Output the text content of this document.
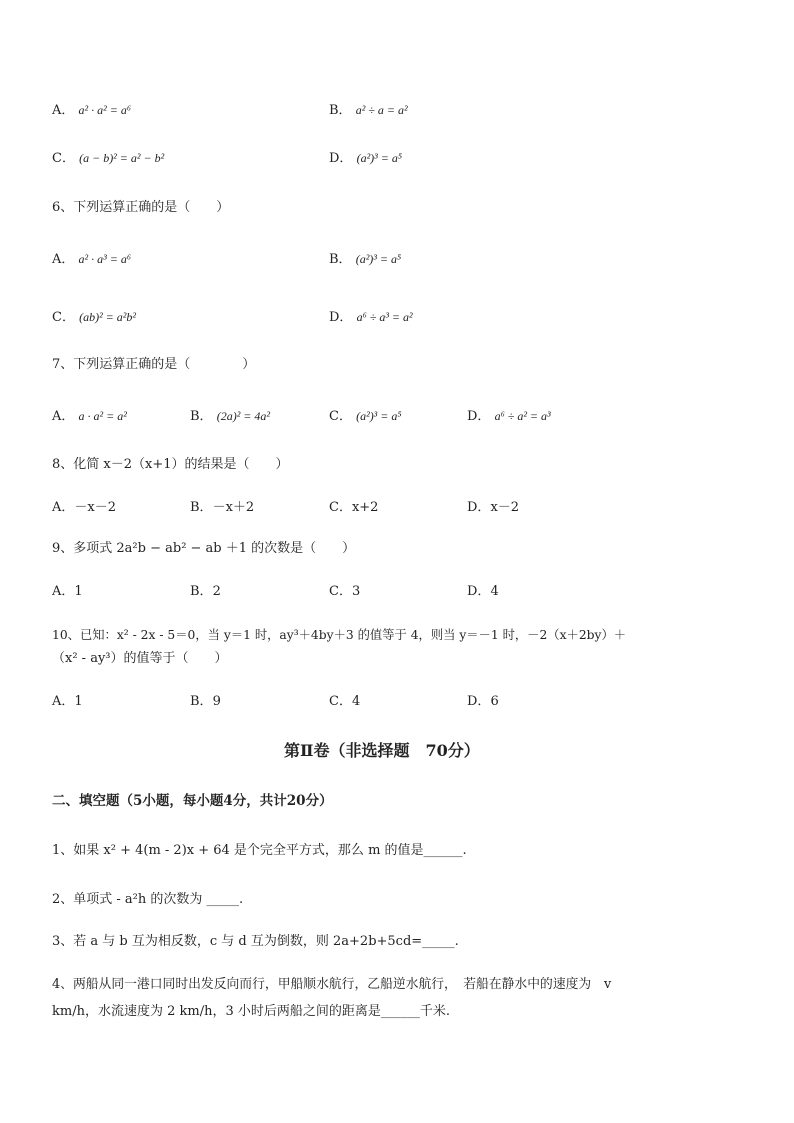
A． a² · a² = a⁶	B． a² ÷ a = a²
C． (a − b)² = a² − b²	D． (a²)³ = a⁵
6、下列运算正确的是（　　）
A． a² · a³ = a⁶	B． (a²)³ = a⁵
C． (ab)² = a²b²	D． a⁶ ÷ a³ = a²
7、下列运算正确的是（　　　　）
A． a · a² = a²	B． (2a)² = 4a²	C． (a²)³ = a⁵	D． a⁶ ÷ a² = a³
8、化简 x－2（x+1）的结果是（　　）
A．－x－2	B．－x＋2	C．x+2	D．x－2
9、多项式 2a²b − ab² − ab ＋1 的次数是（　　）
A．1	B．2	C．3	D．4
10、已知：x² - 2x - 5＝0，当 y＝1 时，ay³＋4by＋3 的值等于 4，则当 y＝－1 时，－2（x＋2by）＋
（x² - ay³）的值等于（　　）
A．1	B．9	C．4	D．6
第Ⅱ卷（非选择题　70分）
二、填空题（5小题，每小题4分，共计20分）
1、如果 x² + 4(m - 2)x + 64 是个完全平方式，那么 m 的值是______.
2、单项式 - a²h 的次数为 _____.
3、若 a 与 b 互为相反数，c 与 d 互为倒数，则 2a+2b+5cd=_____.
4、两船从同一港口同时出发反向而行，甲船顺水航行，乙船逆水航行，　若船在静水中的速度为　v
km/h，水流速度为 2 km/h，3 小时后两船之间的距离是______千米.
